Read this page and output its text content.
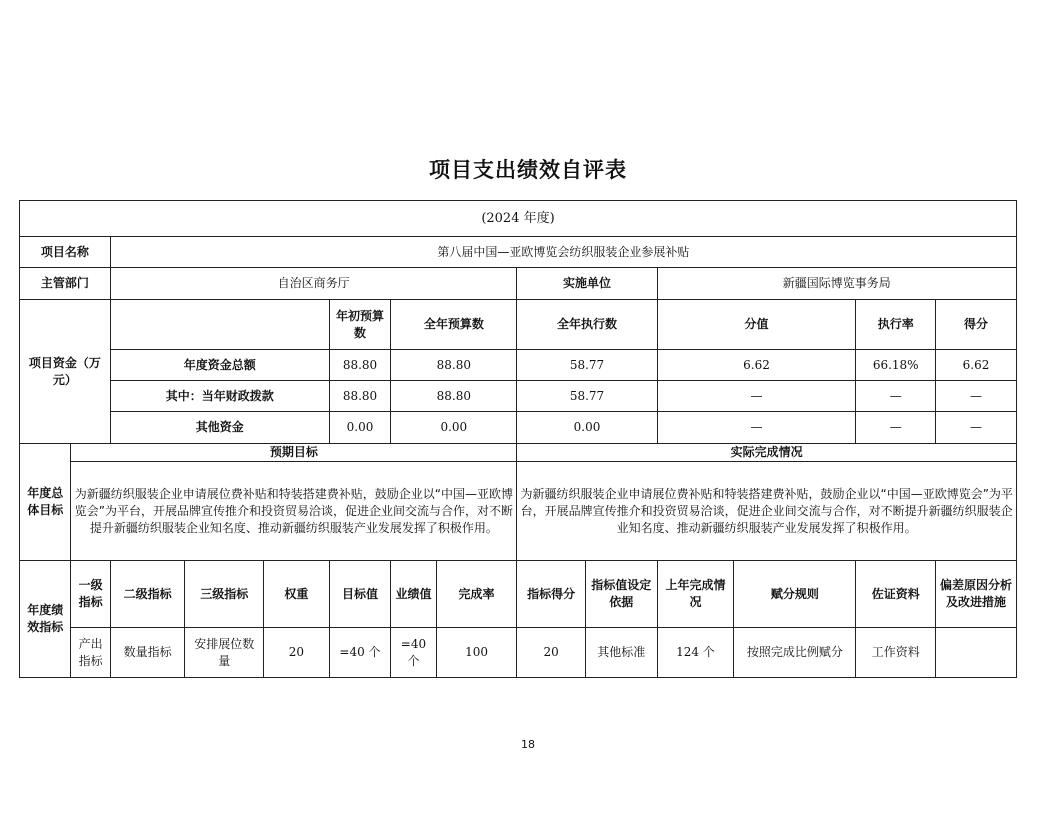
项目支出绩效自评表
(2024 年度)													
项目名称		第八届中国—亚欧博览会纺织服装企业参展补贴											
主管部门		自治区商务厅						实施单位		新疆国际博览事务局			
项目资金（万元）					年初预算数	全年预算数		全年执行数		分值		执行率	得分
		年度资金总额			88.80	88.80		58.77		6.62		66.18%	6.62
		其中：当年财政拨款			88.80	88.80		58.77		—		—	—
		其他资金			0.00	0.00		0.00		—		—	—
年度总体目标	预期目标							实际完成情况					
	为新疆纺织服装企业申请展位费补贴和特装搭建费补贴，鼓励企业以“中国—亚欧博览会”为平台，开展品牌宣传推介和投资贸易洽谈，促进企业间交流与合作，对不断提升新疆纺织服装企业知名度、推动新疆纺织服装产业发展发挥了积极作用。							为新疆纺织服装企业申请展位费补贴和特装搭建费补贴，鼓励企业以“中国—亚欧博览会”为平台，开展品牌宣传推介和投资贸易洽谈，促进企业间交流与合作，对不断提升新疆纺织服装企业知名度、推动新疆纺织服装产业发展发挥了积极作用。					
年度绩效指标	一级指标	二级指标	三级指标	权重	目标值	业绩值	完成率	指标得分	指标值设定依据	上年完成情况	赋分规则	佐证资料	偏差原因分析及改进措施
	产出指标	数量指标	安排展位数量	20	=40 个	=40 个	100	20	其他标准	124 个	按照完成比例赋分	工作资料	
18
